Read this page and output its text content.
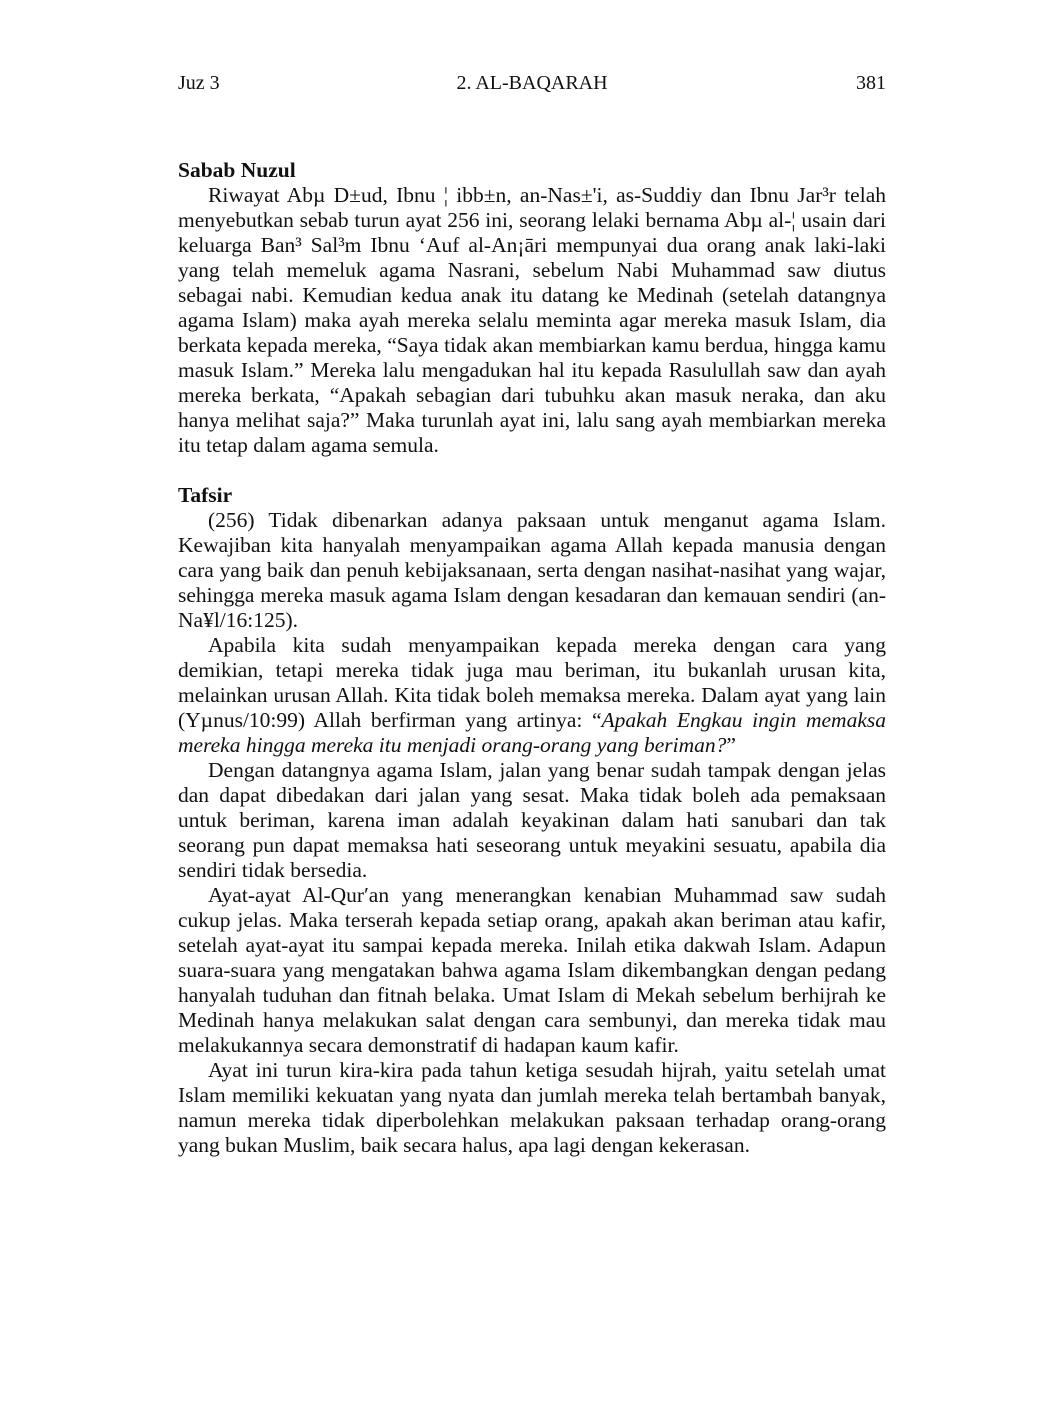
Juz 3	2. AL-BAQARAH	381

Sabab Nuzul

Riwayat Abµ D±ud, Ibnu ¦ ibb±n, an-Nas±'i, as-Suddiy dan Ibnu Jar³r telah menyebutkan sebab turun ayat 256 ini, seorang lelaki bernama Abµ al-¦ usain dari keluarga Ban³ Sal³m Ibnu ‘Auf al-An¡āri mempunyai dua orang anak laki-laki yang telah memeluk agama Nasrani, sebelum Nabi Muhammad saw diutus sebagai nabi. Kemudian kedua anak itu datang ke Medinah (setelah datangnya agama Islam) maka ayah mereka selalu meminta agar mereka masuk Islam, dia berkata kepada mereka, “Saya tidak akan membiarkan kamu berdua, hingga kamu masuk Islam.” Mereka lalu mengadukan hal itu kepada Rasulullah saw dan ayah mereka berkata, “Apakah sebagian dari tubuhku akan masuk neraka, dan aku hanya melihat saja?” Maka turunlah ayat ini, lalu sang ayah membiarkan mereka itu tetap dalam agama semula.

Tafsir

(256) Tidak dibenarkan adanya paksaan untuk menganut agama Islam. Kewajiban kita hanyalah menyampaikan agama Allah kepada manusia dengan cara yang baik dan penuh kebijaksanaan, serta dengan nasihat-nasihat yang wajar, sehingga mereka masuk agama Islam dengan kesadaran dan kemauan sendiri (an-Na¥l/16:125).

Apabila kita sudah menyampaikan kepada mereka dengan cara yang demikian, tetapi mereka tidak juga mau beriman, itu bukanlah urusan kita, melainkan urusan Allah. Kita tidak boleh memaksa mereka. Dalam ayat yang lain (Yµnus/10:99) Allah berfirman yang artinya: “Apakah Engkau ingin memaksa mereka hingga mereka itu menjadi orang-orang yang beriman?”

Dengan datangnya agama Islam, jalan yang benar sudah tampak dengan jelas dan dapat dibedakan dari jalan yang sesat. Maka tidak boleh ada pemaksaan untuk beriman, karena iman adalah keyakinan dalam hati sanubari dan tak seorang pun dapat memaksa hati seseorang untuk meyakini sesuatu, apabila dia sendiri tidak bersedia.

Ayat-ayat Al-Qur′an yang menerangkan kenabian Muhammad saw sudah cukup jelas. Maka terserah kepada setiap orang, apakah akan beriman atau kafir, setelah ayat-ayat itu sampai kepada mereka. Inilah etika dakwah Islam. Adapun suara-suara yang mengatakan bahwa agama Islam dikembangkan dengan pedang hanyalah tuduhan dan fitnah belaka. Umat Islam di Mekah sebelum berhijrah ke Medinah hanya melakukan salat dengan cara sembunyi, dan mereka tidak mau melakukannya secara demonstratif di hadapan kaum kafir.

Ayat ini turun kira-kira pada tahun ketiga sesudah hijrah, yaitu setelah umat Islam memiliki kekuatan yang nyata dan jumlah mereka telah bertambah banyak, namun mereka tidak diperbolehkan melakukan paksaan terhadap orang-orang yang bukan Muslim, baik secara halus, apa lagi dengan kekerasan.
